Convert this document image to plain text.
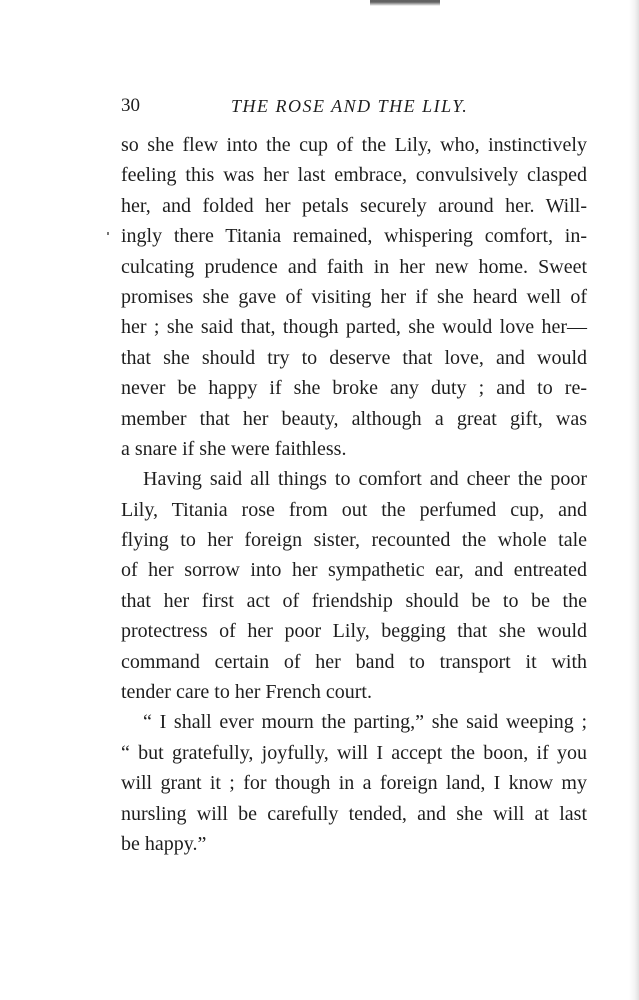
30	THE ROSE AND THE LILY.
so she flew into the cup of the Lily, who, instinctively
feeling this was her last embrace, convulsively clasped
her, and folded her petals securely around her. Will-
ingly there Titania remained, whispering comfort, in-
culcating prudence and faith in her new home. Sweet
promises she gave of visiting her if she heard well of
her ; she said that, though parted, she would love her—
that she should try to deserve that love, and would
never be happy if she broke any duty ; and to re-
member that her beauty, although a great gift, was
a snare if she were faithless.
Having said all things to comfort and cheer the poor
Lily, Titania rose from out the perfumed cup, and
flying to her foreign sister, recounted the whole tale
of her sorrow into her sympathetic ear, and entreated
that her first act of friendship should be to be the
protectress of her poor Lily, begging that she would
command certain of her band to transport it with
tender care to her French court.
“ I shall ever mourn the parting,” she said weeping ;
“ but gratefully, joyfully, will I accept the boon, if you
will grant it ; for though in a foreign land, I know my
nursling will be carefully tended, and she will at last
be happy.”
